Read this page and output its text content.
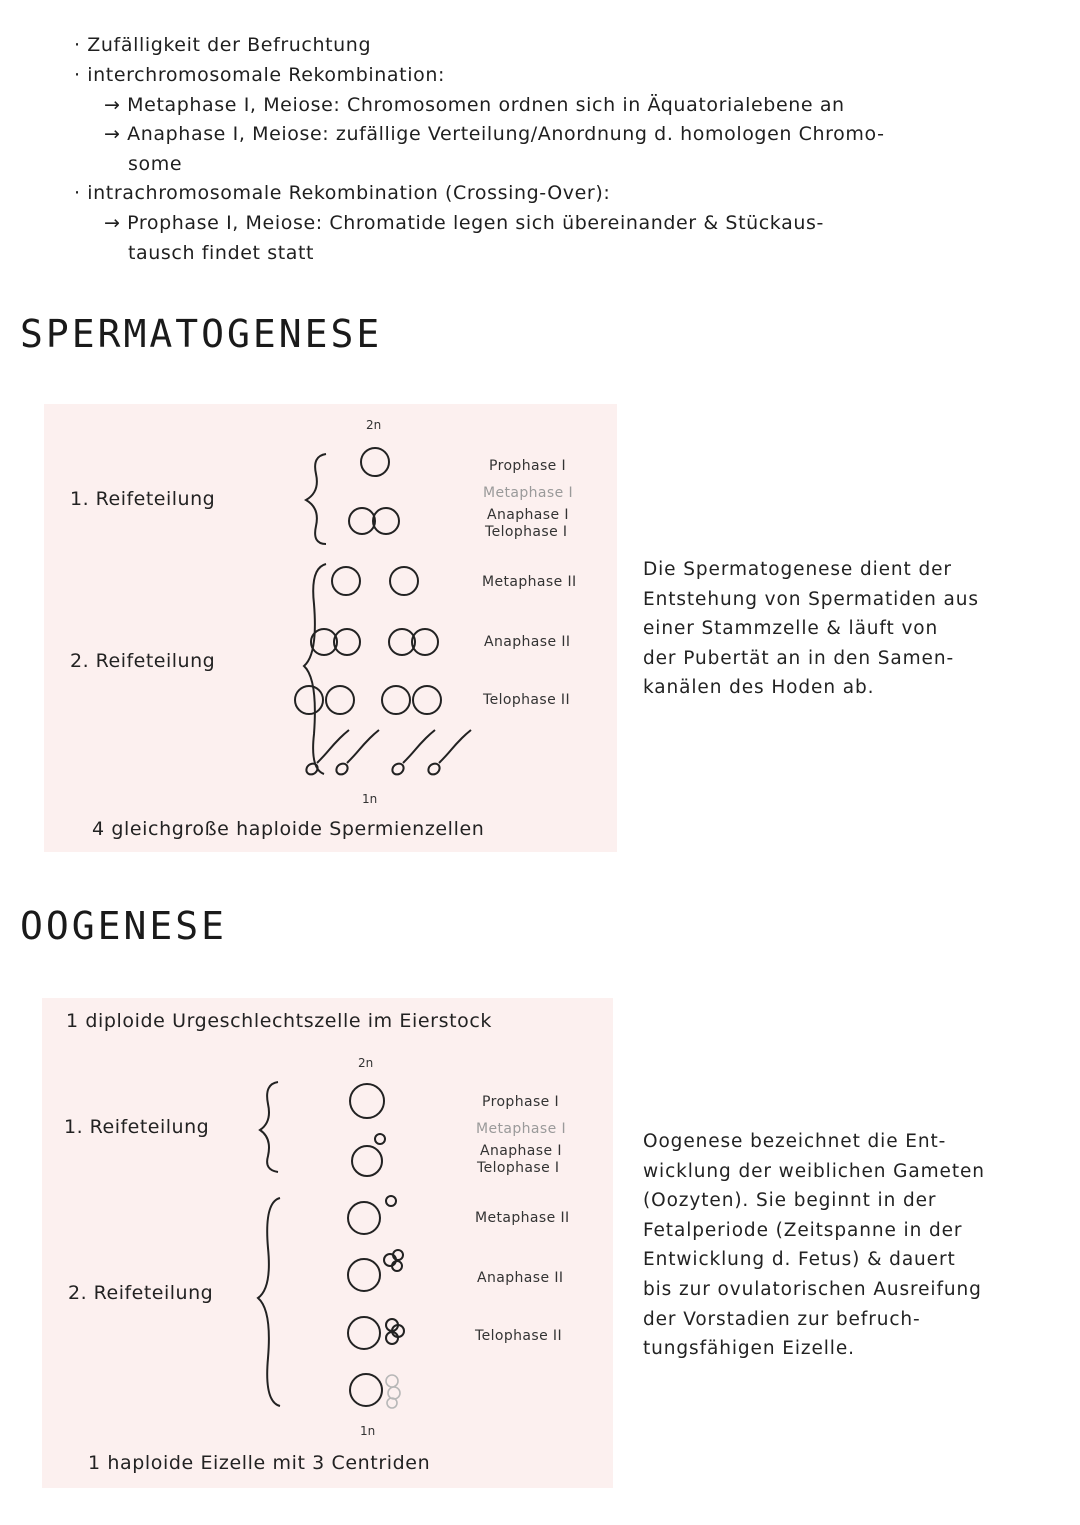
· Zufälligkeit der Befruchtung
· interchromosomale Rekombination:
→ Metaphase I, Meiose: Chromosomen ordnen sich in Äquatorialebene an
→ Anaphase I, Meiose: zufällige Verteilung/Anordnung d. homologen Chromo-
some
· intrachromosomale Rekombination (Crossing-Over):
→ Prophase I, Meiose: Chromatide legen sich übereinander & Stückaus-
tausch findet statt
SPERMATOGENESE
2n
1. Reifeteilung
2. Reifeteilung
Prophase I
Metaphase I
Anaphase I
Telophase I
Metaphase II
Anaphase II
Telophase II
1n
4 gleichgroße haploide Spermienzellen
Die Spermatogenese dient der
Entstehung von Spermatiden aus
einer Stammzelle & läuft von
der Pubertät an in den Samen-
kanälen des Hoden ab.
OOGENESE
1 diploide Urgeschlechtszelle im Eierstock
2n
1. Reifeteilung
2. Reifeteilung
Prophase I
Metaphase I
Anaphase I
Telophase I
Metaphase II
Anaphase II
Telophase II
1n
1 haploide Eizelle mit 3 Centriden
Oogenese bezeichnet die Ent-
wicklung der weiblichen Gameten
(Oozyten). Sie beginnt in der
Fetalperiode (Zeitspanne in der
Entwicklung d. Fetus) & dauert
bis zur ovulatorischen Ausreifung
der Vorstadien zur befruch-
tungsfähigen Eizelle.
